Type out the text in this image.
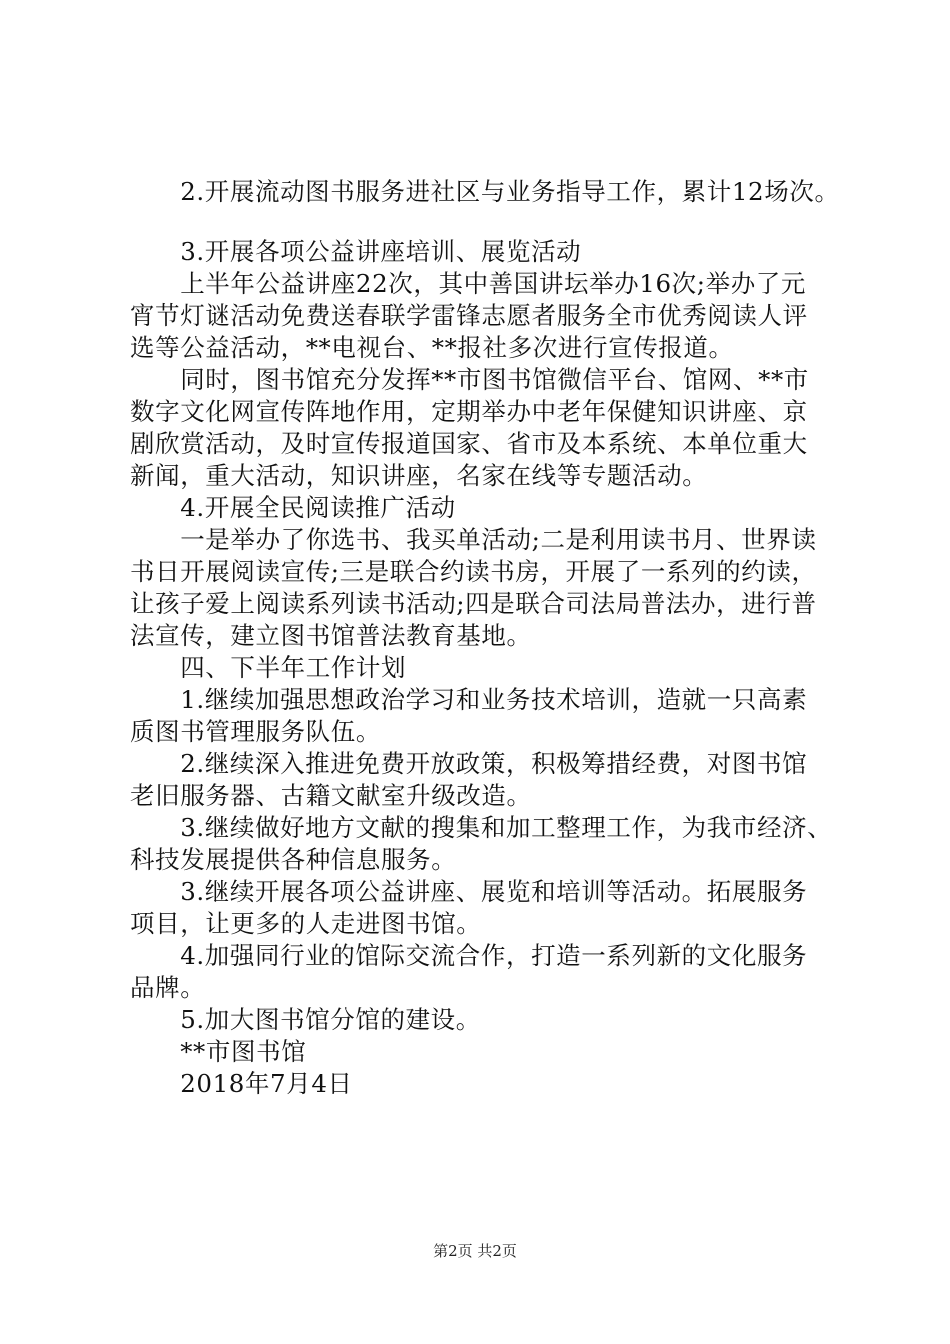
　　2.开展流动图书服务进社区与业务指导工作，累计12场次。
　　3.开展各项公益讲座培训、展览活动
　　上半年公益讲座22次，其中善国讲坛举办16次;举办了元
宵节灯谜活动免费送春联学雷锋志愿者服务全市优秀阅读人评
选等公益活动，**电视台、**报社多次进行宣传报道。
　　同时，图书馆充分发挥**市图书馆微信平台、馆网、**市
数字文化网宣传阵地作用，定期举办中老年保健知识讲座、京
剧欣赏活动，及时宣传报道国家、省市及本系统、本单位重大
新闻，重大活动，知识讲座，名家在线等专题活动。
　　4.开展全民阅读推广活动
　　一是举办了你选书、我买单活动;二是利用读书月、世界读
书日开展阅读宣传;三是联合约读书房，开展了一系列的约读，
让孩子爱上阅读系列读书活动;四是联合司法局普法办，进行普
法宣传，建立图书馆普法教育基地。
　　四、下半年工作计划
　　1.继续加强思想政治学习和业务技术培训，造就一只高素
质图书管理服务队伍。
　　2.继续深入推进免费开放政策，积极筹措经费，对图书馆
老旧服务器、古籍文献室升级改造。
　　3.继续做好地方文献的搜集和加工整理工作，为我市经济、
科技发展提供各种信息服务。
　　3.继续开展各项公益讲座、展览和培训等活动。拓展服务
项目，让更多的人走进图书馆。
　　4.加强同行业的馆际交流合作，打造一系列新的文化服务
品牌。
　　5.加大图书馆分馆的建设。
　　**市图书馆
　　2018年7月4日
第2页 共2页
